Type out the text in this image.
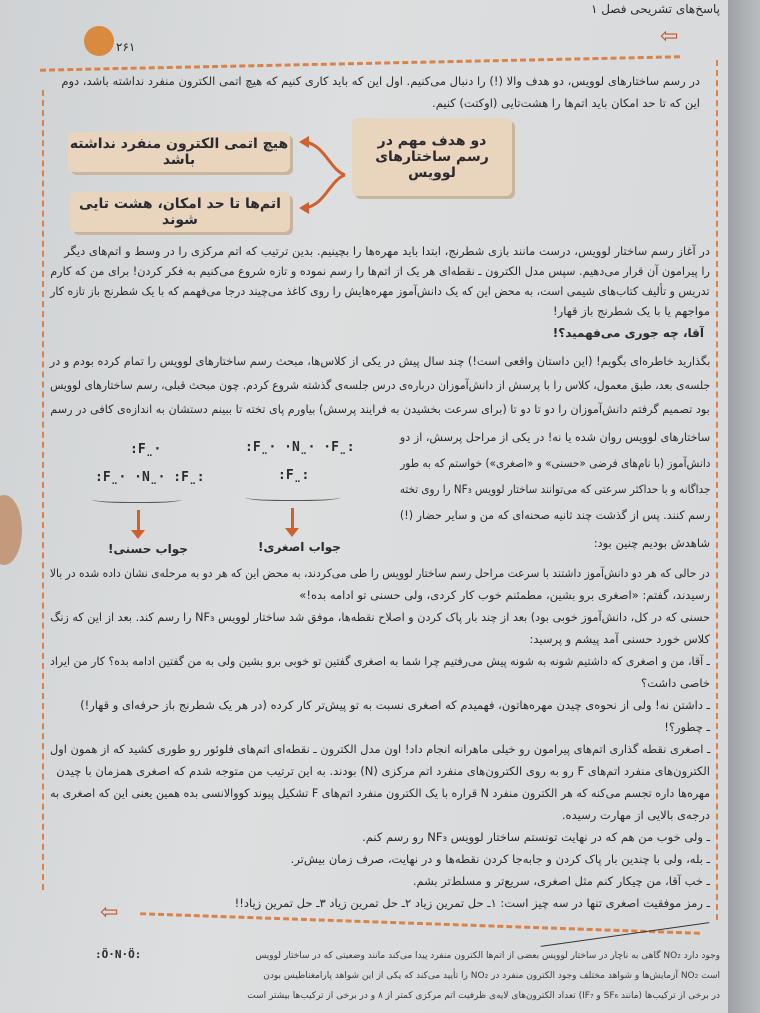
پاسخ‌های تشریحی فصل ۱
۲۶۱	⇦
⇦
در رسم ساختارهای لوویس، دو هدف والا (!) را دنبال می‌کنیم. اول این که باید کاری کنیم که هیچ اتمی الکترون منفرد نداشته باشد، دوم
این که تا حد امکان باید اتم‌ها را هشت‌تایی (اوکتت) کنیم.
دو هدف مهم در رسم ساختارهای لوویس
هیچ اتمی الکترون منفرد نداشته باشد
اتم‌ها تا حد امکان، هشت تایی شوند
در آغاز رسم ساختار لوویس، درست مانند بازی شطرنج، ابتدا باید مهره‌ها را بچینیم. بدین ترتیب که اتم مرکزی را در وسط و اتم‌های دیگر
را پیرامون آن قرار می‌دهیم. سپس مدل الکترون ـ نقطه‌ای هر یک از اتم‌ها را رسم نموده و تازه شروع می‌کنیم به فکر کردن! برای من که کارم
تدریس و تألیف کتاب‌های شیمی است، به محض این که یک دانش‌آموز مهره‌هایش را روی کاغذ می‌چیند درجا می‌فهمم که با یک شطرنج باز تازه کار
مواجهم یا با یک شطرنج باز قهار!
آقا، چه جوری می‌فهمید؟!
بگذارید خاطره‌ای بگویم! (این داستان واقعی است!) چند سال پیش در یکی از کلاس‌ها، مبحث رسم ساختارهای لوویس را تمام کرده بودم و در
جلسه‌ی بعد، طبق معمول، کلاس را با پرسش از دانش‌آموزان درباره‌ی درس جلسه‌ی گذشته شروع کردم. چون مبحث قبلی، رسم ساختارهای لوویس
بود تصمیم گرفتم دانش‌آموزان را دو تا دو تا (برای سرعت بخشیدن به فرایند پرسش) بیاورم پای تخته تا ببینم دستشان به اندازه‌ی کافی در رسم
ساختارهای لوویس روان شده یا نه! در یکی از مراحل پرسش، از دو
دانش‌آموز (با نام‌های فرضی «حسنی» و «اصغری») خواستم که به طور
جداگانه و با حداکثر سرعتی که می‌توانند ساختار لوویس NF₃ را روی تخته
رسم کنند. پس از گذشت چند ثانیه صحنه‌ای که من و سایر حضار (!)
شاهدش بودیم چنین بود:
:F̤· ·N̤· ·F̤:
:F̤:
:F̤·
:F̤· ·N̤· :F̤:
جواب اصغری!
جواب حسنی!
در حالی که هر دو دانش‌آموز داشتند با سرعت مراحل رسم ساختار لوویس را طی می‌کردند، به محض این که هر دو به مرحله‌ی نشان داده شده در بالا
رسیدند، گفتم: «اصغری برو بشین، مطمئنم خوب کار کردی، ولی حسنی تو ادامه بده!»
حسنی که در کل، دانش‌آموز خوبی بود) بعد از چند بار پاک کردن و اصلاح نقطه‌ها، موفق شد ساختار لوویس NF₃ را رسم کند. بعد از این که زنگ
کلاس خورد حسنی آمد پیشم و پرسید:
ـ آقا، من و اصغری که داشتیم شونه به شونه پیش می‌رفتیم چرا شما به اصغری گفتین تو خوبی برو بشین ولی به من گفتین ادامه بده؟ کار من ایراد
خاصی داشت؟
ـ داشتن نه! ولی از نحوه‌ی چیدن مهره‌هاتون، فهمیدم که اصغری نسبت به تو پیش‌تر کار کرده (در هر یک شطرنج باز حرفه‌ای و قهار!)
ـ چطور؟!
ـ اصغری نقطه گذاری اتم‌های پیرامون رو خیلی ماهرانه انجام داد! اون مدل الکترون ـ نقطه‌ای اتم‌های فلوئور رو طوری کشید که از همون اول
الکترون‌های منفرد اتم‌های F رو به روی الکترون‌های منفرد اتم مرکزی (N) بودند. به این ترتیب من متوجه شدم که اصغری همزمان با چیدن
مهره‌ها داره تجسم می‌کنه که هر الکترون منفرد N قراره با یک الکترون منفرد اتم‌های F تشکیل پیوند کووالانسی بده همین یعنی این که اصغری به
درجه‌ی بالایی از مهارت رسیده.
ـ ولی خوب من هم که در نهایت تونستم ساختار لوویس NF₃ رو رسم کنم.
ـ بله، ولی با چندین بار پاک کردن و جابه‌جا کردن نقطه‌ها و در نهایت، صرف زمان بیش‌تر.
ـ خب آقا، من چیکار کنم مثل اصغری، سریع‌تر و مسلط‌تر بشم.
ـ رمز موفقیت اصغری تنها در سه چیز است: ۱ـ حل تمرین زیاد ۲ـ حل تمرین زیاد ۳ـ حل تمرین زیاد!!
:Ö·N·Ö:	وجود دارد NO₂ گاهی به ناچار در ساختار لوویس بعضی از اتم‌ها الکترون منفرد پیدا می‌کند مانند وضعیتی که در ساختار لوویس
است NO₂ آزمایش‌ها و شواهد مختلف وجود الکترون منفرد در NO₂ را تأیید می‌کند که یکی از این شواهد پارامغناطیس بودن
در برخی از ترکیب‌ها (مانند SF₆ و IF₇) تعداد الکترون‌های لایه‌ی ظرفیت اتم مرکزی کمتر از ۸ و در برخی از ترکیب‌ها بیشتر است
